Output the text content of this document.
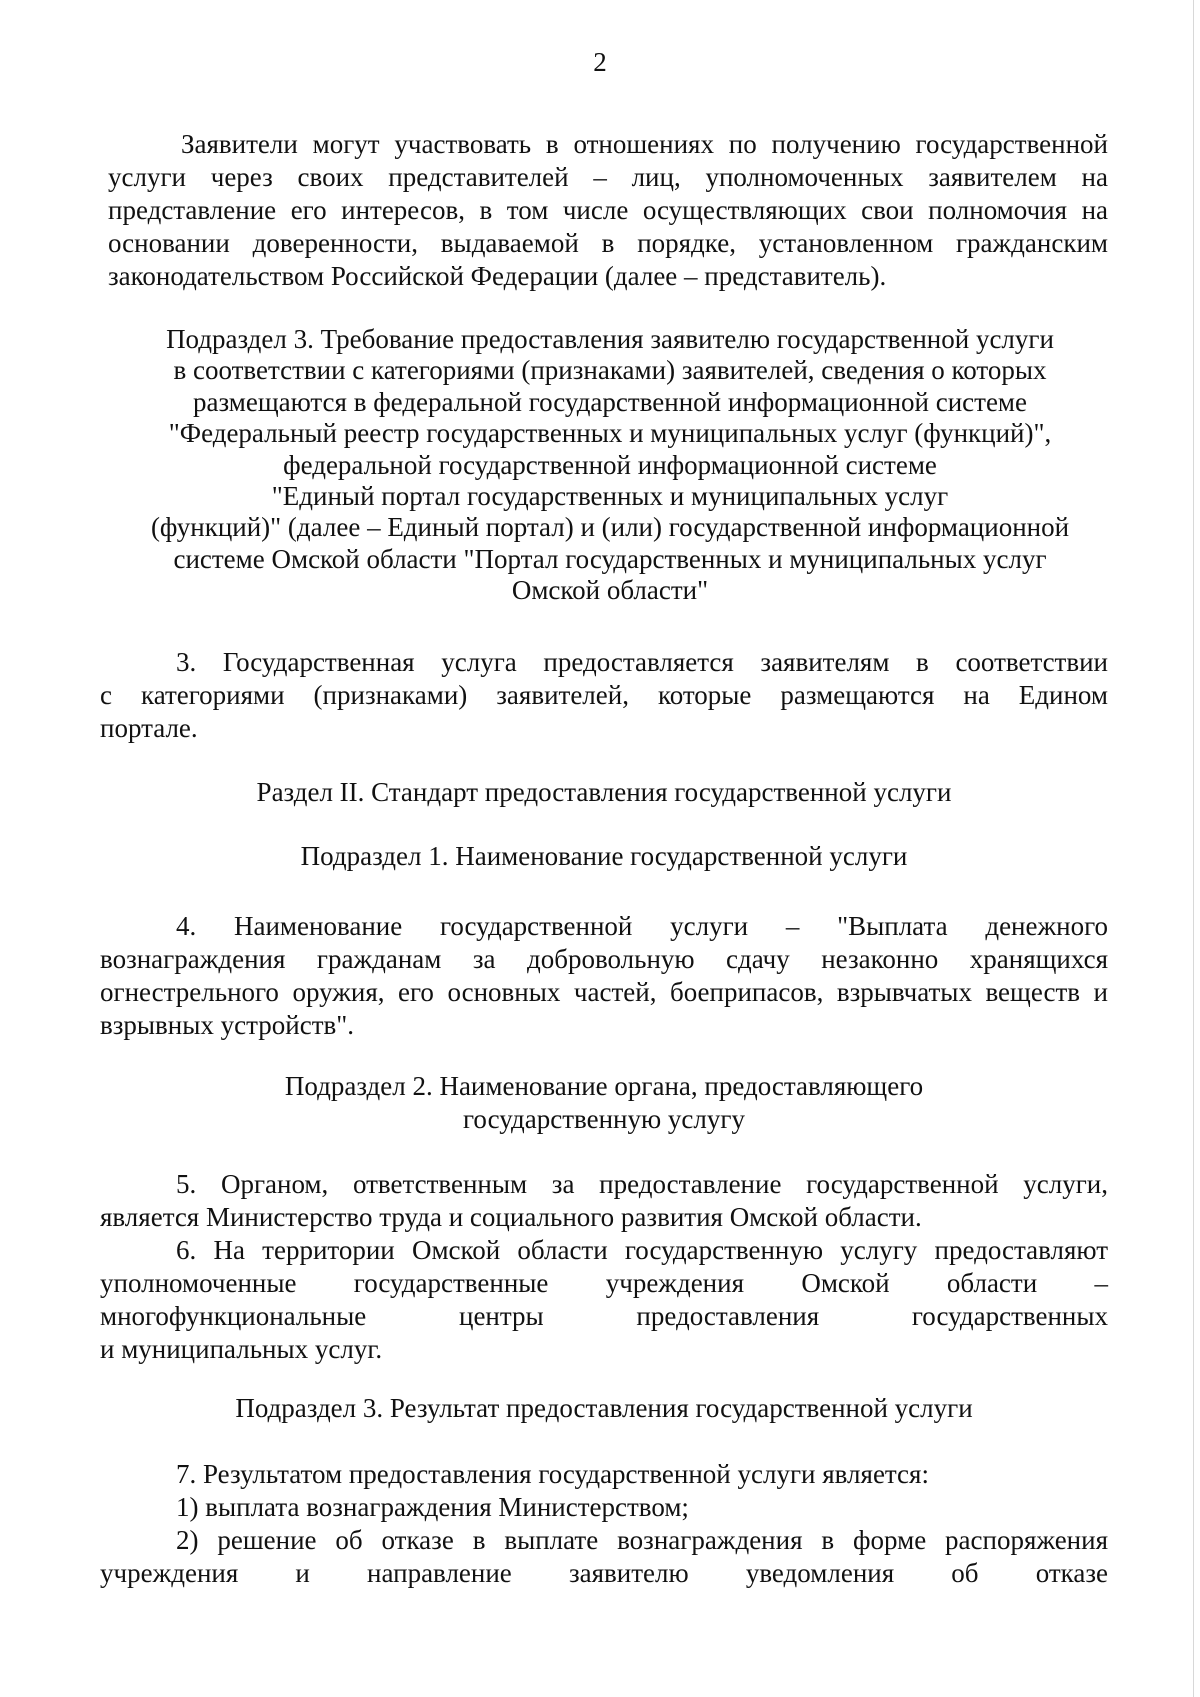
2
Заявители могут участвовать в отношениях по получению государственной
услуги через своих представителей – лиц, уполномоченных заявителем на
представление его интересов, в том числе осуществляющих свои полномочия на
основании доверенности, выдаваемой в порядке, установленном гражданским
законодательством Российской Федерации (далее – представитель).
Подраздел 3. Требование предоставления заявителю государственной услуги
в соответствии с категориями (признаками) заявителей, сведения о которых
размещаются в федеральной государственной информационной системе
"Федеральный реестр государственных и муниципальных услуг (функций)",
федеральной государственной информационной системе
"Единый портал государственных и муниципальных услуг
(функций)" (далее – Единый портал) и (или) государственной информационной
системе Омской области "Портал государственных и муниципальных услуг
Омской области"
3. Государственная услуга предоставляется заявителям в соответствии
с категориями (признаками) заявителей, которые размещаются на Едином
портале.
Раздел II. Стандарт предоставления государственной услуги
Подраздел 1. Наименование государственной услуги
4. Наименование государственной услуги – "Выплата денежного
вознаграждения гражданам за добровольную сдачу незаконно хранящихся
огнестрельного оружия, его основных частей, боеприпасов, взрывчатых веществ и
взрывных устройств".
Подраздел 2. Наименование органа, предоставляющего
государственную услугу
5. Органом, ответственным за предоставление государственной услуги,
является Министерство труда и социального развития Омской области.
6. На территории Омской области государственную услугу предоставляют
уполномоченные государственные учреждения Омской области –
многофункциональные центры предоставления государственных
и муниципальных услуг.
Подраздел 3. Результат предоставления государственной услуги
7. Результатом предоставления государственной услуги является:
1) выплата вознаграждения Министерством;
2) решение об отказе в выплате вознаграждения в форме распоряжения
учреждения и направление заявителю уведомления об отказе
